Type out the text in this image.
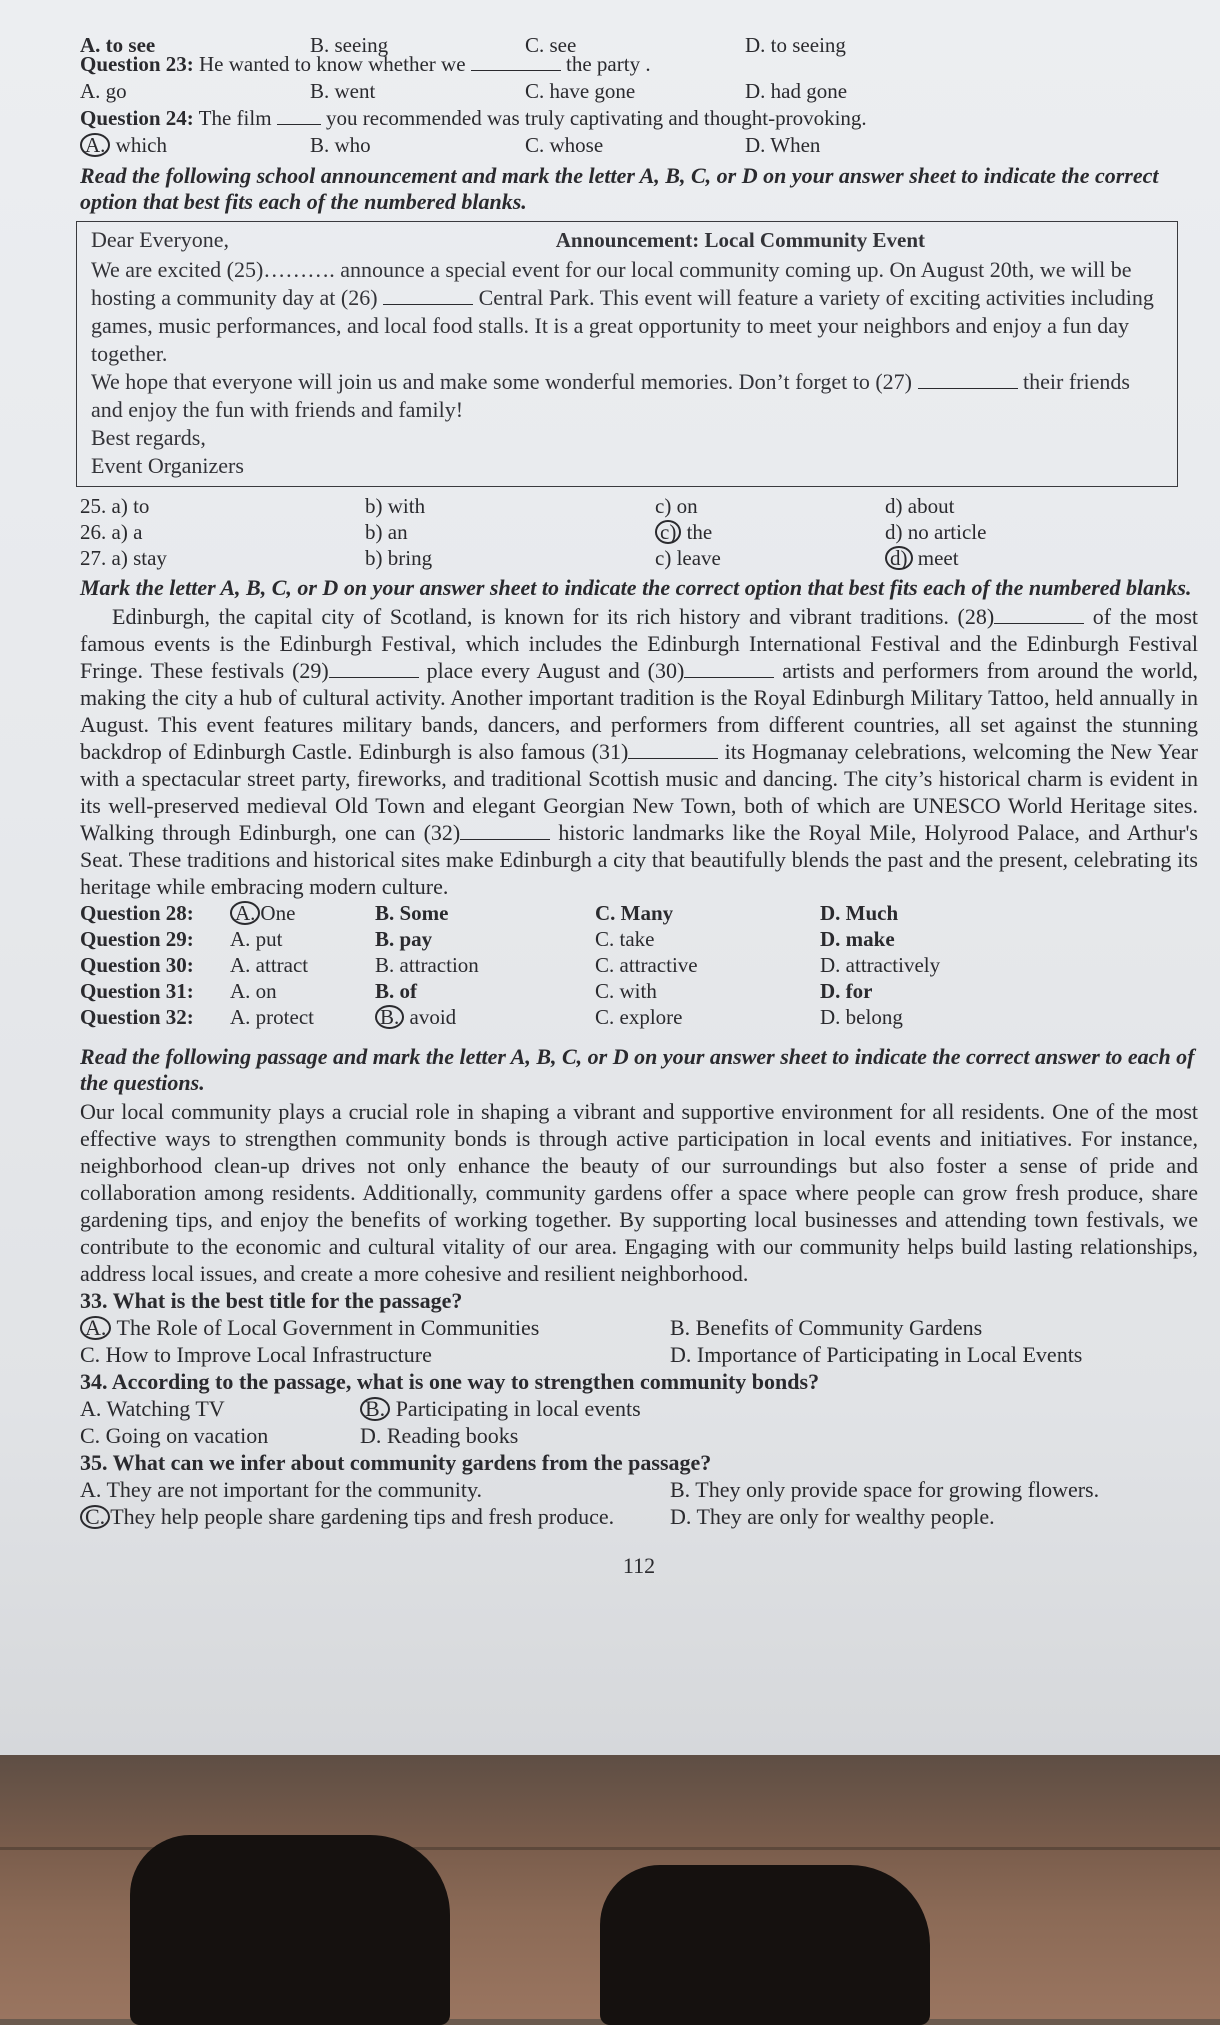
A. to see	B. seeing	C. see	D. to seeing
Question 23: He wanted to know whether we	the party .
A. go	B. went	C. have gone	D. had gone
Question 24: The film	you recommended was truly captivating and thought-provoking.
A. which	B. who	C. whose	D. When
Read the following school announcement and mark the letter A, B, C, or D on your answer sheet to indicate the correct option that best fits each of the numbered blanks.
Dear Everyone,	Announcement: Local Community Event

We are excited (25)………. announce a special event for our local community coming up. On August 20th, we will be hosting a community day at (26)	Central Park. This event will feature a variety of exciting activities including games, music performances, and local food stalls. It is a great opportunity to meet your neighbors and enjoy a fun day together.

We hope that everyone will join us and make some wonderful memories. Don’t forget to (27)	their friends and enjoy the fun with friends and family!

Best regards,

Event Organizers

25. a) to	b) with	c) on	d) about
26. a) a	b) an	c) the	d) no article
27. a) stay	b) bring	c) leave	d) meet
Mark the letter A, B, C, or D on your answer sheet to indicate the correct option that best fits each of the numbered blanks.

Edinburgh, the capital city of Scotland, is known for its rich history and vibrant traditions. (28)	of the most famous events is the Edinburgh Festival, which includes the Edinburgh International Festival and the Edinburgh Festival Fringe. These festivals (29)	place every August and (30)	artists and performers from around the world, making the city a hub of cultural activity. Another important tradition is the Royal Edinburgh Military Tattoo, held annually in August. This event features military bands, dancers, and performers from different countries, all set against the stunning backdrop of Edinburgh Castle. Edinburgh is also famous (31)	its Hogmanay celebrations, welcoming the New Year with a spectacular street party, fireworks, and traditional Scottish music and dancing. The city’s historical charm is evident in its well-preserved medieval Old Town and elegant Georgian New Town, both of which are UNESCO World Heritage sites. Walking through Edinburgh, one can (32)	historic landmarks like the Royal Mile, Holyrood Palace, and Arthur's Seat. These traditions and historical sites make Edinburgh a city that beautifully blends the past and the present, celebrating its heritage while embracing modern culture.

Question 28:	A. One	B. Some	C. Many	D. Much
Question 29:	A. put	B. pay	C. take	D. make
Question 30:	A. attract	B. attraction	C. attractive	D. attractively
Question 31:	A. on	B. of	C. with	D. for
Question 32:	A. protect	B. avoid	C. explore	D. belong
Read the following passage and mark the letter A, B, C, or D on your answer sheet to indicate the correct answer to each of the questions.

Our local community plays a crucial role in shaping a vibrant and supportive environment for all residents. One of the most effective ways to strengthen community bonds is through active participation in local events and initiatives. For instance, neighborhood clean-up drives not only enhance the beauty of our surroundings but also foster a sense of pride and collaboration among residents. Additionally, community gardens offer a space where people can grow fresh produce, share gardening tips, and enjoy the benefits of working together. By supporting local businesses and attending town festivals, we contribute to the economic and cultural vitality of our area. Engaging with our community helps build lasting relationships, address local issues, and create a more cohesive and resilient neighborhood.

33. What is the best title for the passage?
A. The Role of Local Government in Communities	B. Benefits of Community Gardens
C. How to Improve Local Infrastructure	D. Importance of Participating in Local Events
34. According to the passage, what is one way to strengthen community bonds?
A. Watching TV	B. Participating in local events
C. Going on vacation	D. Reading books
35. What can we infer about community gardens from the passage?
A. They are not important for the community.	B. They only provide space for growing flowers.
C. They help people share gardening tips and fresh produce.	D. They are only for wealthy people.
112
